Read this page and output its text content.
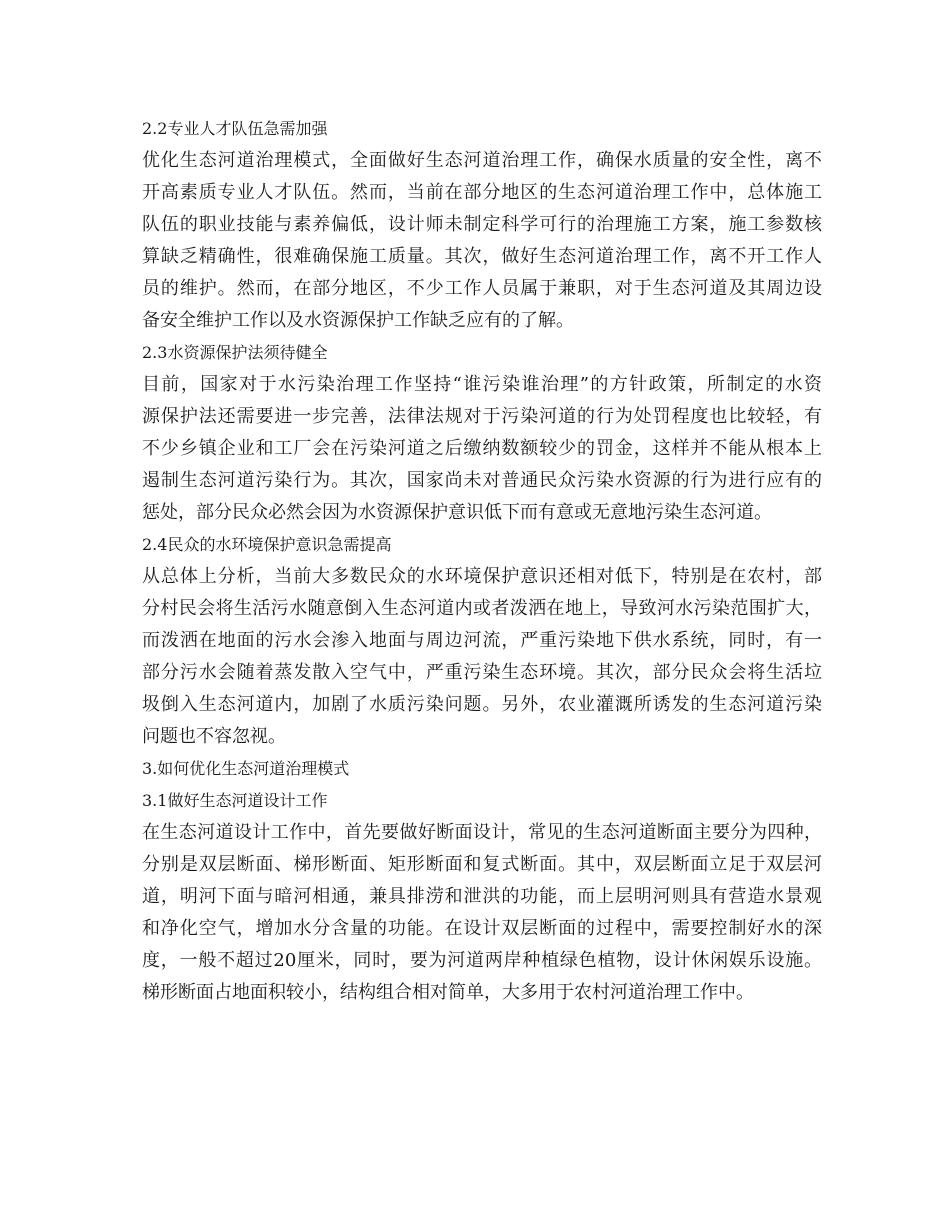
2.2专业人才队伍急需加强
优化生态河道治理模式，全面做好生态河道治理工作，确保水质量的安全性，离不
开高素质专业人才队伍。然而，当前在部分地区的生态河道治理工作中，总体施工
队伍的职业技能与素养偏低，设计师未制定科学可行的治理施工方案，施工参数核
算缺乏精确性，很难确保施工质量。其次，做好生态河道治理工作，离不开工作人
员的维护。然而，在部分地区，不少工作人员属于兼职，对于生态河道及其周边设
备安全维护工作以及水资源保护工作缺乏应有的了解。
2.3水资源保护法须待健全
目前，国家对于水污染治理工作坚持“谁污染谁治理”的方针政策，所制定的水资
源保护法还需要进一步完善，法律法规对于污染河道的行为处罚程度也比较轻，有
不少乡镇企业和工厂会在污染河道之后缴纳数额较少的罚金，这样并不能从根本上
遏制生态河道污染行为。其次，国家尚未对普通民众污染水资源的行为进行应有的
惩处，部分民众必然会因为水资源保护意识低下而有意或无意地污染生态河道。
2.4民众的水环境保护意识急需提高
从总体上分析，当前大多数民众的水环境保护意识还相对低下，特别是在农村，部
分村民会将生活污水随意倒入生态河道内或者泼洒在地上，导致河水污染范围扩大，
而泼洒在地面的污水会渗入地面与周边河流，严重污染地下供水系统，同时，有一
部分污水会随着蒸发散入空气中，严重污染生态环境。其次，部分民众会将生活垃
圾倒入生态河道内，加剧了水质污染问题。另外，农业灌溉所诱发的生态河道污染
问题也不容忽视。
3.如何优化生态河道治理模式
3.1做好生态河道设计工作
在生态河道设计工作中，首先要做好断面设计，常见的生态河道断面主要分为四种，
分别是双层断面、梯形断面、矩形断面和复式断面。其中，双层断面立足于双层河
道，明河下面与暗河相通，兼具排涝和泄洪的功能，而上层明河则具有营造水景观
和净化空气，增加水分含量的功能。在设计双层断面的过程中，需要控制好水的深
度，一般不超过20厘米，同时，要为河道两岸种植绿色植物，设计休闲娱乐设施。
梯形断面占地面积较小，结构组合相对简单，大多用于农村河道治理工作中。
